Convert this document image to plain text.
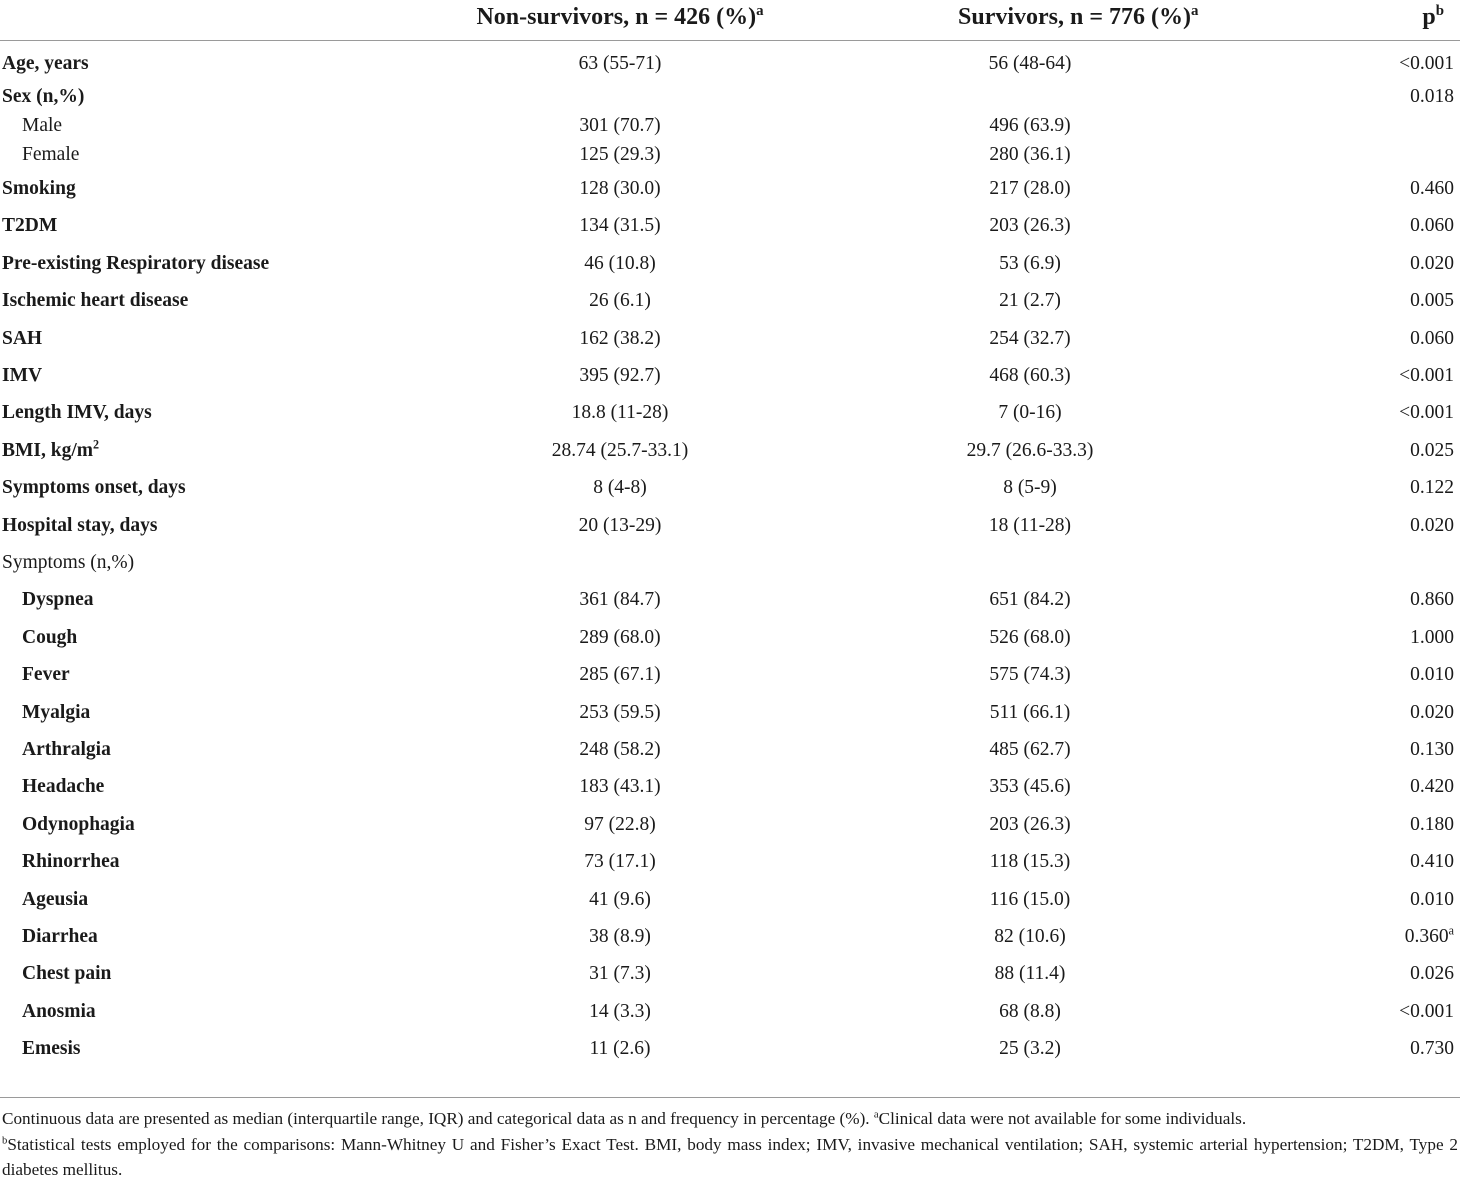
	Non-survivors, n = 426 (%)$^a$	Survivors, n = 776 (%)$^a$	$p^b$
Age, years	63 (55-71)	56 (48-64)	<0.001
Sex (n,%)			0.018
Male	301 (70.7)	496 (63.9)	
Female	125 (29.3)	280 (36.1)	
Smoking	128 (30.0)	217 (28.0)	0.460
T2DM	134 (31.5)	203 (26.3)	0.060
Pre-existing Respiratory disease	46 (10.8)	53 (6.9)	0.020
Ischemic heart disease	26 (6.1)	21 (2.7)	0.005
SAH	162 (38.2)	254 (32.7)	0.060
IMV	395 (92.7)	468 (60.3)	<0.001
Length IMV, days	18.8 (11-28)	7 (0-16)	<0.001
BMI, $kg/m^2$	28.74 (25.7-33.1)	29.7 (26.6-33.3)	0.025
Symptoms onset, days	8 (4-8)	8 (5-9)	0.122
Hospital stay, days	20 (13-29)	18 (11-28)	0.020
Symptoms (n,%)			
Dyspnea	361 (84.7)	651 (84.2)	0.860
Cough	289 (68.0)	526 (68.0)	1.000
Fever	285 (67.1)	575 (74.3)	0.010
Myalgia	253 (59.5)	511 (66.1)	0.020
Arthralgia	248 (58.2)	485 (62.7)	0.130
Headache	183 (43.1)	353 (45.6)	0.420
Odynophagia	97 (22.8)	203 (26.3)	0.180
Rhinorrhea	73 (17.1)	118 (15.3)	0.410
Ageusia	41 (9.6)	116 (15.0)	0.010
Diarrhea	38 (8.9)	82 (10.6)	0.360$^a$
Chest pain	31 (7.3)	88 (11.4)	0.026
Anosmia	14 (3.3)	68 (8.8)	<0.001
Emesis	11 (2.6)	25 (3.2)	0.730
Continuous data are presented as median (interquartile range, IQR) and categorical data as n and frequency in percentage (%). $^a$Clinical data were not available for some individuals.
$^b$Statistical tests employed for the comparisons: Mann-Whitney U and Fisher’s Exact Test. BMI, body mass index; IMV, invasive mechanical ventilation; SAH, systemic arterial hypertension; T2DM, Type 2 diabetes mellitus.
